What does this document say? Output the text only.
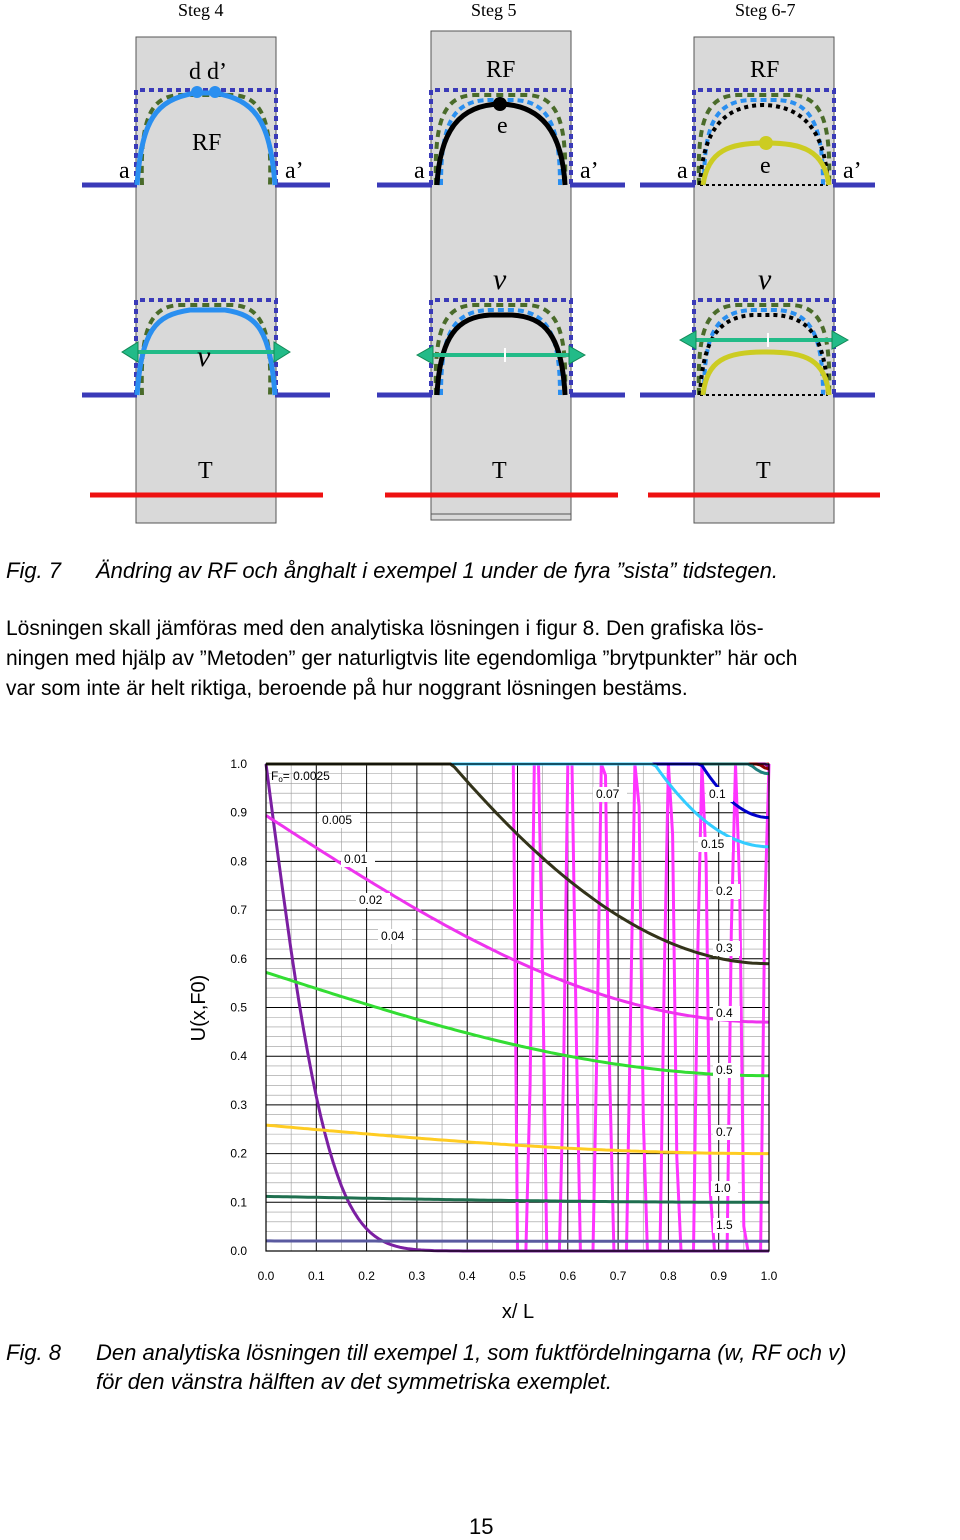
Steg 4	Steg 5	Steg 6-7
d d’
RF
a	a’
v
T
RF
e
a	a’
v
T
RF
e
a	a’
v
T
Fig. 7 Ändring av RF och ånghalt i exempel 1 under de fyra ”sista” tidstegen.
Lösningen skall jämföras med den analytiska lösningen i figur 8. Den grafiska lös-
ningen med hjälp av ”Metoden” ger naturligtvis lite egendomliga ”brytpunkter” här och
var som inte är helt riktiga, beroende på hur noggrant lösningen bestäms.
0.0
0.1
0.2
0.3
0.4
0.5
0.6
0.7
0.8
0.9
1.0
0.0	0.1	0.2	0.3	0.4	0.5	0.6	0.7	0.8	0.9	1.0
0.005
0.01
0.02
0.04
0.07	0.1
0.15
0.2
0.3
0.4
0.5
0.7
1.0
1.5
Fo= 0.0025
x/ L
U(x,F0)
Fig. 8 Den analytiska lösningen till exempel 1, som fuktfördelningarna (w, RF och v)
för den vänstra hälften av det symmetriska exemplet.
15
